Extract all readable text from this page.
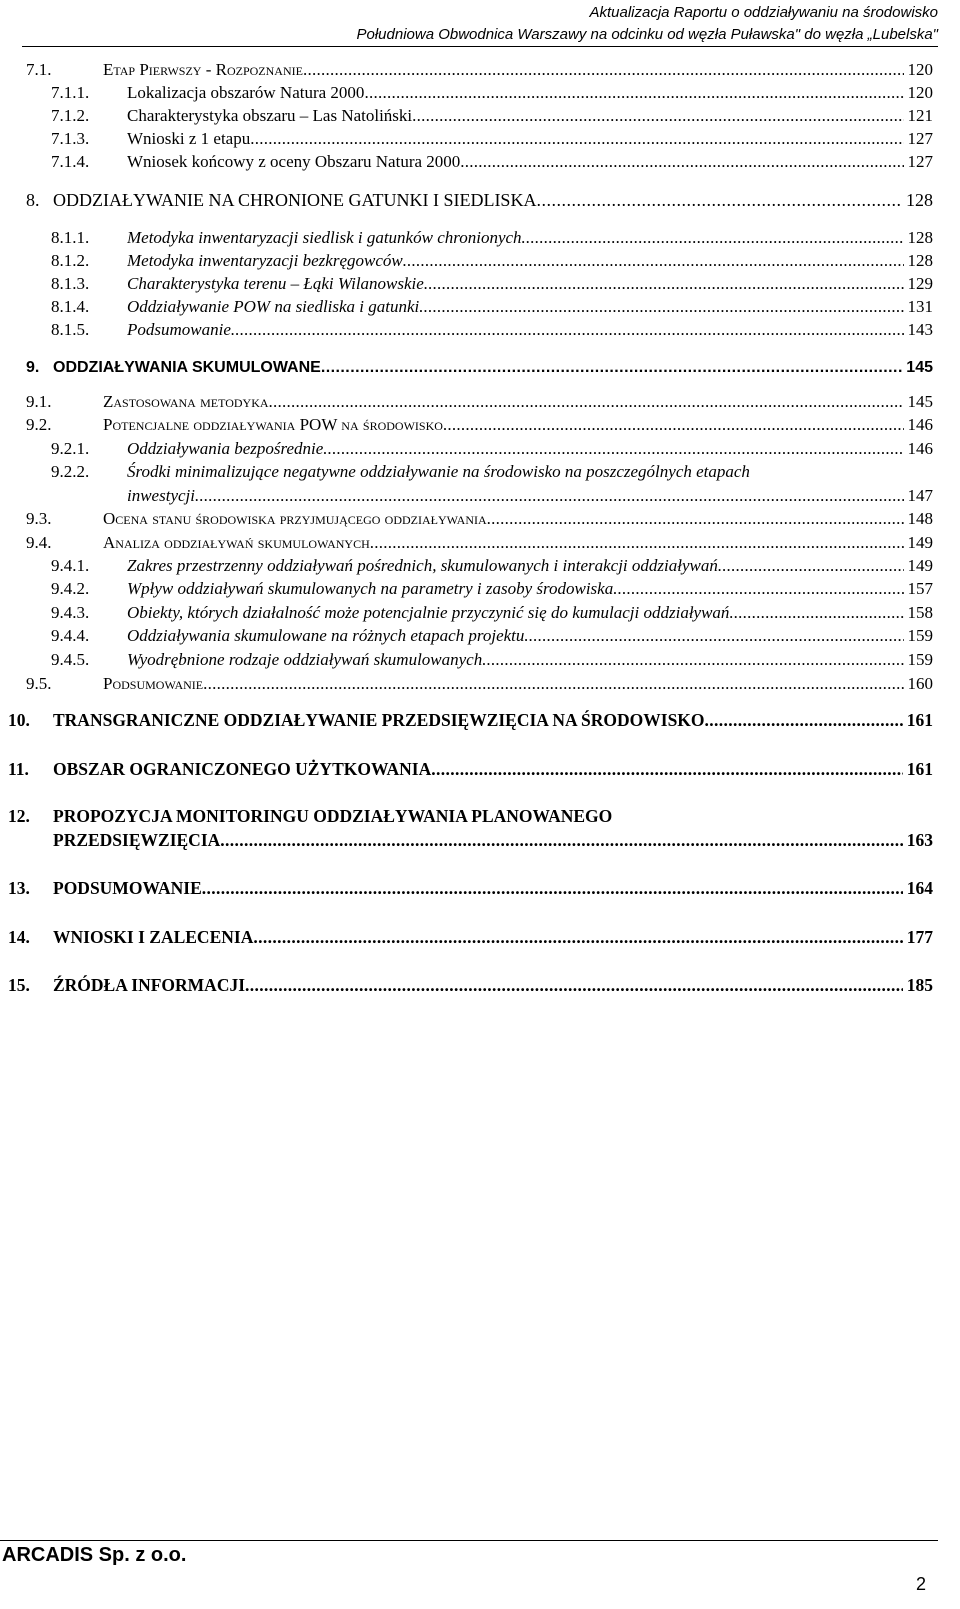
Aktualizacja Raportu o oddziaływaniu na środowisko
Południowa Obwodnica Warszawy na odcinku od węzła Puławska" do węzła „Lubelska"
7.1.	Etap Pierwszy - Rozpoznanie . . .	120
7.1.1. Lokalizacja obszarów Natura 2000 . . .	120
7.1.2. Charakterystyka obszaru – Las Natoliński . . .	121
7.1.3. Wnioski z 1 etapu . . .	127
7.1.4. Wniosek końcowy z oceny Obszaru Natura 2000 . . .	127
8. ODDZIAŁYWANIE NA CHRONIONE GATUNKI I SIEDLISKA . . .	128
8.1.1. Metodyka inwentaryzacji siedlisk i gatunków chronionych . . .	128
8.1.2. Metodyka inwentaryzacji bezkręgowców . . .	128
8.1.3. Charakterystyka terenu – Łąki Wilanowskie . . .	129
8.1.4. Oddziaływanie POW na siedliska i gatunki . . .	131
8.1.5. Podsumowanie . . .	143
9. ODDZIAŁYWANIA SKUMULOWANE . . .	145
9.1.	Zastosowana metodyka . . .	145
9.2.	Potencjalne oddziaływania POW na środowisko . . .	146
9.2.1. Oddziaływania bezpośrednie . . .	146
9.2.2. Środki minimalizujące negatywne oddziaływanie na środowisko na poszczególnych etapach
inwestycji . . .	147
9.3.	Ocena stanu środowiska przyjmującego oddziaływania . . .	148
9.4.	Analiza oddziaływań skumulowanych . . .	149
9.4.1. Zakres przestrzenny oddziaływań pośrednich, skumulowanych i interakcji oddziaływań . . .	149
9.4.2. Wpływ oddziaływań skumulowanych na parametry i zasoby środowiska . . .	157
9.4.3. Obiekty, których działalność może potencjalnie przyczynić się do kumulacji oddziaływań . . .	158
9.4.4. Oddziaływania skumulowane na różnych etapach projektu . . .	159
9.4.5. Wyodrębnione rodzaje oddziaływań skumulowanych . . .	159
9.5.	Podsumowanie . . .	160
10. TRANSGRANICZNE ODDZIAŁYWANIE PRZEDSIĘWZIĘCIA NA ŚRODOWISKO . . .	161
11. OBSZAR OGRANICZONEGO UŻYTKOWANIA . . .	161
12. PROPOZYCJA MONITORINGU ODDZIAŁYWANIA PLANOWANEGO
PRZEDSIĘWZIĘCIA . . .	163
13. PODSUMOWANIE . . .	164
14. WNIOSKI I ZALECENIA . . .	177
15. ŹRÓDŁA INFORMACJI . . .	185
ARCADIS Sp. z o.o.
2
